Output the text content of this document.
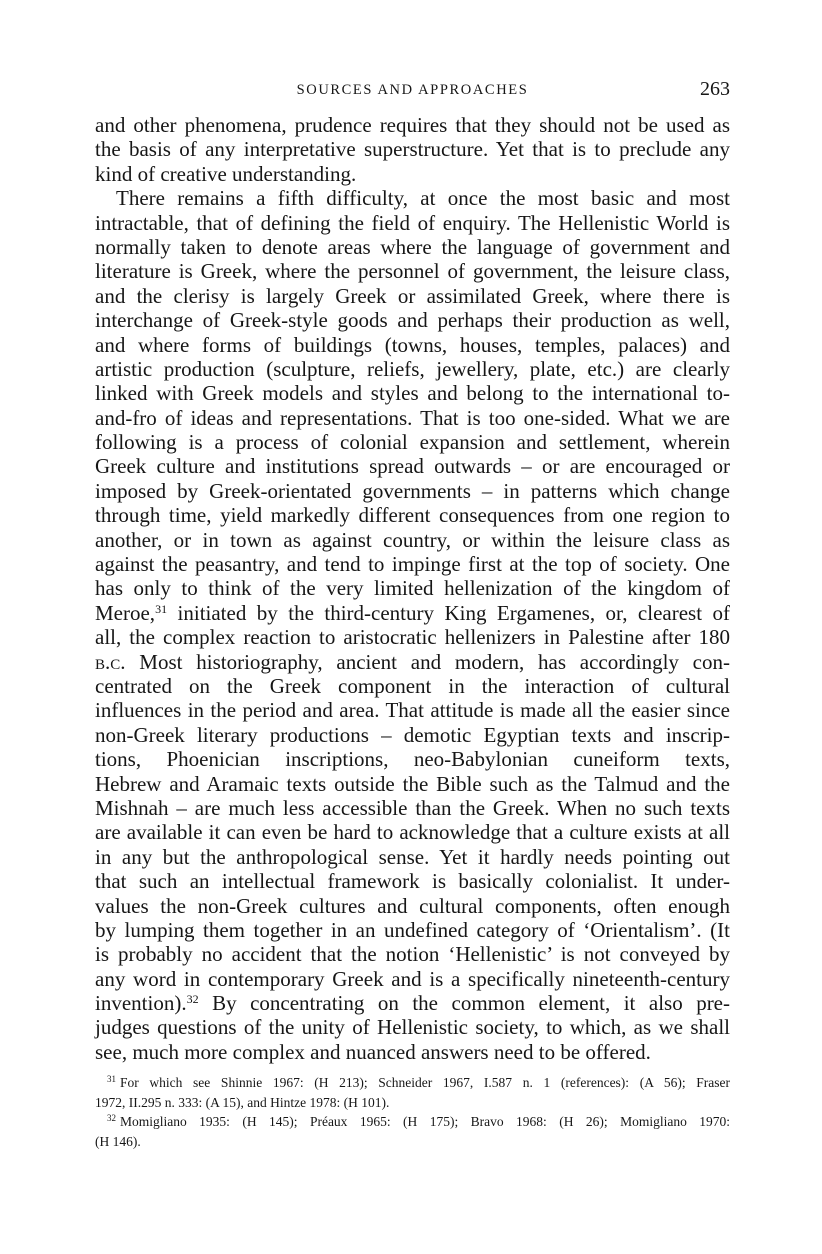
SOURCES AND APPROACHES	263
and other phenomena, prudence requires that they should not be used as
the basis of any interpretative superstructure. Yet that is to preclude any
kind of creative understanding.
There remains a fifth difficulty, at once the most basic and most
intractable, that of defining the field of enquiry. The Hellenistic World is
normally taken to denote areas where the language of government and
literature is Greek, where the personnel of government, the leisure class,
and the clerisy is largely Greek or assimilated Greek, where there is
interchange of Greek-style goods and perhaps their production as well,
and where forms of buildings (towns, houses, temples, palaces) and
artistic production (sculpture, reliefs, jewellery, plate, etc.) are clearly
linked with Greek models and styles and belong to the international to-
and-fro of ideas and representations. That is too one-sided. What we are
following is a process of colonial expansion and settlement, wherein
Greek culture and institutions spread outwards – or are encouraged or
imposed by Greek-orientated governments – in patterns which change
through time, yield markedly different consequences from one region to
another, or in town as against country, or within the leisure class as
against the peasantry, and tend to impinge first at the top of society. One
has only to think of the very limited hellenization of the kingdom of
Meroe,$^{31}$ initiated by the third-century King Ergamenes, or, clearest of
all, the complex reaction to aristocratic hellenizers in Palestine after 180
b.c. Most historiography, ancient and modern, has accordingly con-
centrated on the Greek component in the interaction of cultural
influences in the period and area. That attitude is made all the easier since
non-Greek literary productions – demotic Egyptian texts and inscrip-
tions, Phoenician inscriptions, neo-Babylonian cuneiform texts,
Hebrew and Aramaic texts outside the Bible such as the Talmud and the
Mishnah – are much less accessible than the Greek. When no such texts
are available it can even be hard to acknowledge that a culture exists at all
in any but the anthropological sense. Yet it hardly needs pointing out
that such an intellectual framework is basically colonialist. It under-
values the non-Greek cultures and cultural components, often enough
by lumping them together in an undefined category of ‘Orientalism’. (It
is probably no accident that the notion ‘Hellenistic’ is not conveyed by
any word in contemporary Greek and is a specifically nineteenth-century
invention).$^{32}$ By concentrating on the common element, it also pre-
judges questions of the unity of Hellenistic society, to which, as we shall
see, much more complex and nuanced answers need to be offered.
$^{31}$ For which see Shinnie 1967: (H 213); Schneider 1967, I.587 n. 1 (references): (A 56); Fraser
1972, II.295 n. 333: (A 15), and Hintze 1978: (H 101).
$^{32}$ Momigliano 1935: (H 145); Préaux 1965: (H 175); Bravo 1968: (H 26); Momigliano 1970:
(H 146).
